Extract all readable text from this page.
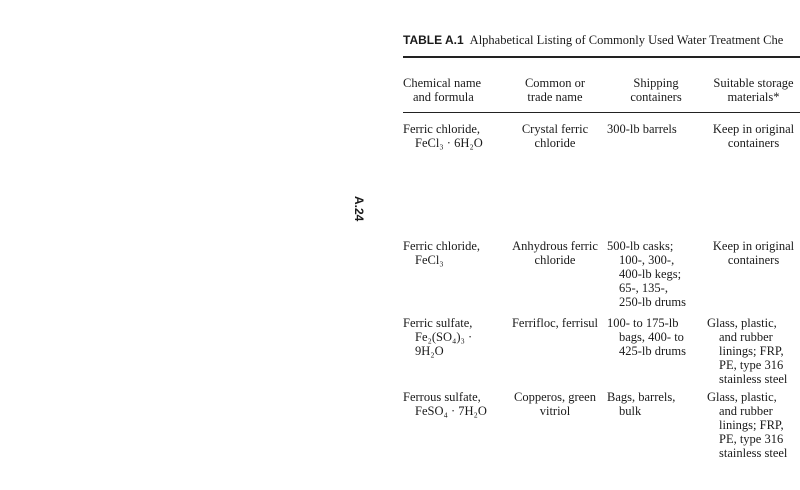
A.24
TABLE A.1 Alphabetical Listing of Commonly Used Water Treatment Che
Chemical name
and formula
Common or
trade name
Shipping
containers
Suitable storage
materials*
Ferric chloride,
FeCl₃ · 6H₂O
Crystal ferric
chloride
300-lb barrels	Keep in original
containers
Ferric chloride,
FeCl₃
Anhydrous ferric
chloride
500-lb casks;
100-, 300-,
400-lb kegs;
65-, 135-,
250-lb drums
Keep in original
containers
Ferric sulfate,
Fe₂(SO₄)₃ ·
9H₂O
Ferrifloc, ferrisul 100- to 175-lb
bags, 400- to
425-lb drums
Glass, plastic,
and rubber
linings; FRP,
PE, type 316
stainless steel
Ferrous sulfate,
FeSO₄ · 7H₂O
Copperos, green
vitriol
Bags, barrels,
bulk
Glass, plastic,
and rubber
linings; FRP,
PE, type 316
stainless steel
